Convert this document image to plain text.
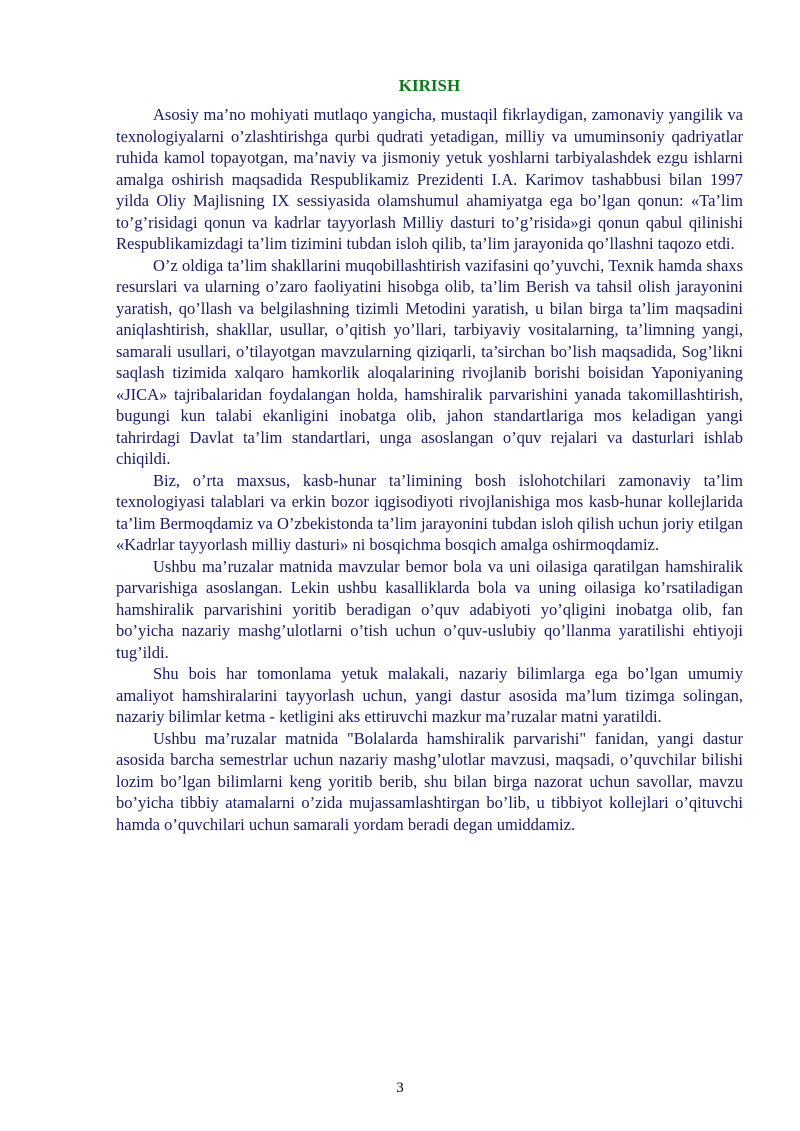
KIRISH

Asosiy ma’no mohiyati mutlaqo yangicha, mustaqil fikrlaydigan, zamonaviy yangilik va texnologiyalarni o’zlashtirishga qurbi qudrati yetadigan, milliy va umuminsoniy qadriyatlar ruhida kamol topayotgan, ma’naviy va jismoniy yetuk yoshlarni tarbiyalashdek ezgu ishlarni amalga oshirish maqsadida Respublikamiz Prezidenti I.A. Karimov tashabbusi bilan 1997 yilda Oliy Majlisning IX sessiyasida olamshumul ahamiyatga ega bo’lgan qonun: «Ta’lim to’g’risidagi qonun va kadrlar tayyorlash Milliy dasturi to’g’risida»gi qonun qabul qilinishi Respublikamizdagi ta’lim tizimini tubdan isloh qilib, ta’lim jarayonida qo’llashni taqozo etdi.

O’z oldiga ta’lim shakllarini muqobillashtirish vazifasini qo’yuvchi, Texnik hamda shaxs resurslari va ularning o’zaro faoliyatini hisobga olib, ta’lim Berish va tahsil olish jarayonini yaratish, qo’llash va belgilashning tizimli Metodini yaratish, u bilan birga ta’lim maqsadini aniqlashtirish, shakllar, usullar, o’qitish yo’llari, tarbiyaviy vositalarning, ta’limning yangi, samarali usullari, o’tilayotgan mavzularning qiziqarli, ta’sirchan bo’lish maqsadida, Sog’likni saqlash tizimida xalqaro hamkorlik aloqalarining rivojlanib borishi boisidan Yaponiyaning «JICA» tajribalaridan foydalangan holda, hamshiralik parvarishini yanada takomillashtirish, bugungi kun talabi ekanligini inobatga olib, jahon standartlariga mos keladigan yangi tahrirdagi Davlat ta’lim standartlari, unga asoslangan o’quv rejalari va dasturlari ishlab chiqildi.

Biz, o’rta maxsus, kasb-hunar ta’limining bosh islohotchilari zamonaviy ta’lim texnologiyasi talablari va erkin bozor iqgisodiyoti rivojlanishiga mos kasb-hunar kollejlarida ta’lim Bermoqdamiz va O’zbekistonda ta’lim jarayonini tubdan isloh qilish uchun joriy etilgan «Kadrlar tayyorlash milliy dasturi» ni bosqichma bosqich amalga oshirmoqdamiz.

Ushbu ma’ruzalar matnida mavzular bemor bola va uni oilasiga qaratilgan hamshiralik parvarishiga asoslangan. Lekin ushbu kasalliklarda bola va uning oilasiga ko’rsatiladigan hamshiralik parvarishini yoritib beradigan o’quv adabiyoti yo’qligini inobatga olib, fan bo’yicha nazariy mashg’ulotlarni o’tish uchun o’quv-uslubiy qo’llanma yaratilishi ehtiyoji tug’ildi.

Shu bois har tomonlama yetuk malakali, nazariy bilimlarga ega bo’lgan umumiy amaliyot hamshiralarini tayyorlash uchun, yangi dastur asosida ma’lum tizimga solingan, nazariy bilimlar ketma - ketligini aks ettiruvchi mazkur ma’ruzalar matni yaratildi.

Ushbu ma’ruzalar matnida "Bolalarda hamshiralik parvarishi" fanidan, yangi dastur asosida barcha semestrlar uchun nazariy mashg’ulotlar mavzusi, maqsadi, o’quvchilar bilishi lozim bo’lgan bilimlarni keng yoritib berib, shu bilan birga nazorat uchun savollar, mavzu bo’yicha tibbiy atamalarni o’zida mujassamlashtirgan bo’lib, u tibbiyot kollejlari o’qituvchi hamda o’quvchilari uchun samarali yordam beradi degan umiddamiz.

3
